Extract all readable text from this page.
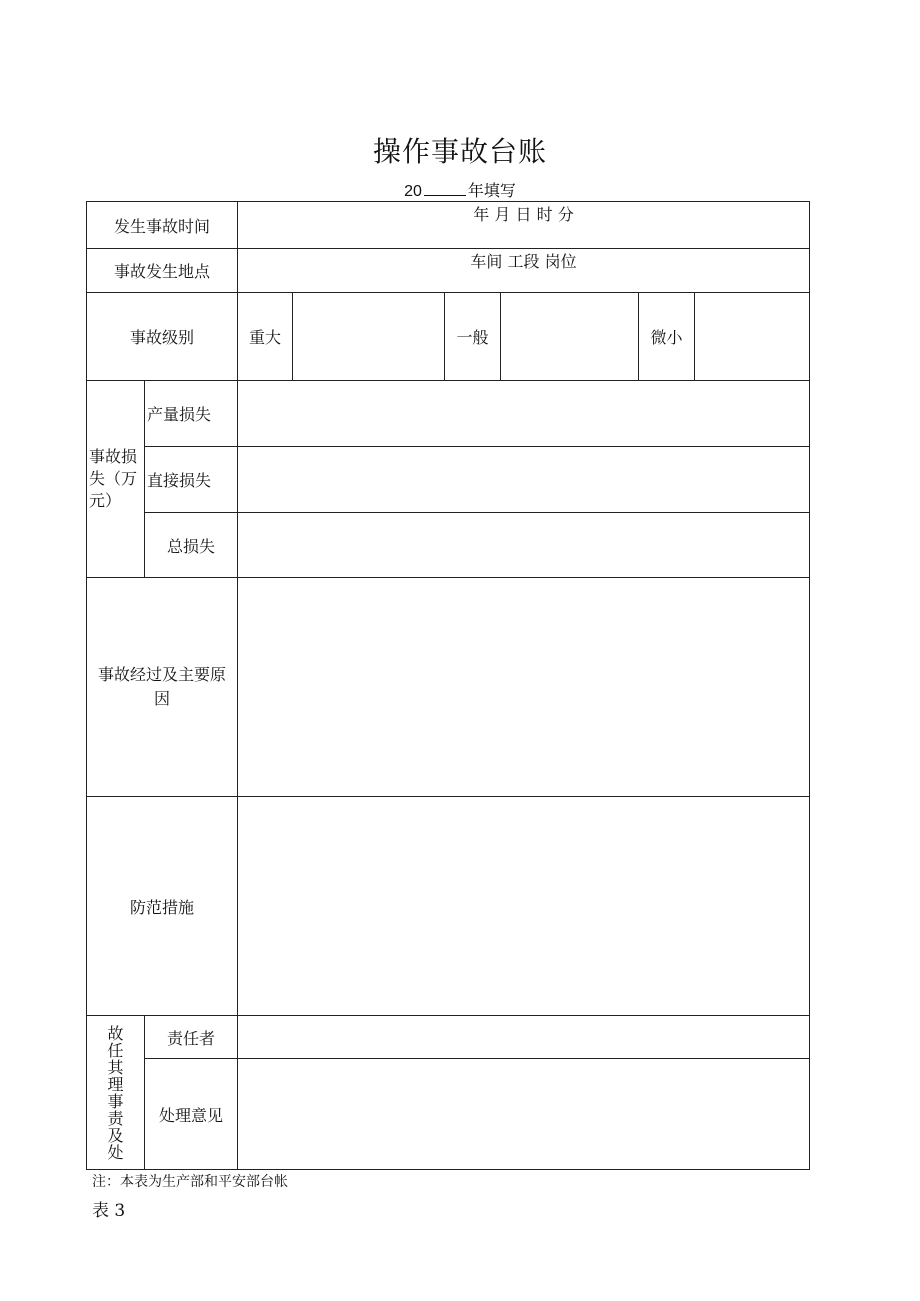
操作事故台账
20	年填写
发生事故时间		年 月 日 时 分					

事故发生地点		车间 工段 岗位					

事故级别		重大		一般		微小	
事故损失（万元）	产量损失						
	直接损失						
	总损失						
事故经过及主要原因							
防范措施							

故任其理事责及处	责任者						
	处理意见						
注：本表为生产部和平安部台帐
表 3
